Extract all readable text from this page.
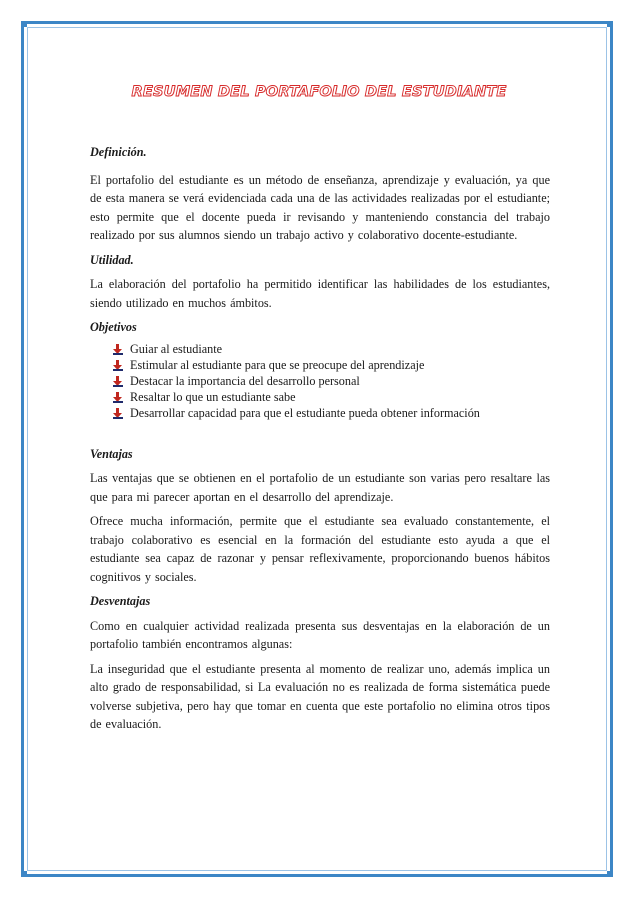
RESUMEN DEL PORTAFOLIO DEL ESTUDIANTE

Definición.

El portafolio del estudiante es un método de enseñanza, aprendizaje y evaluación, ya que de esta manera se verá evidenciada cada una de las actividades realizadas por el estudiante; esto permite que el docente pueda ir revisando y manteniendo constancia del trabajo realizado por sus alumnos siendo un trabajo activo y colaborativo docente-estudiante.

Utilidad.

La elaboración del portafolio ha permitido identificar las habilidades de los estudiantes, siendo utilizado en muchos ámbitos.

Objetivos

Guiar al estudiante
Estimular al estudiante para que se preocupe del aprendizaje
Destacar la importancia del desarrollo personal
Resaltar lo que un estudiante sabe
Desarrollar capacidad para que el estudiante pueda obtener información

Ventajas

Las ventajas que se obtienen en el portafolio de un estudiante son varias pero resaltare las que para mi parecer aportan en el desarrollo del aprendizaje.

Ofrece mucha información, permite que el estudiante sea evaluado constantemente, el trabajo colaborativo es esencial en la formación del estudiante esto ayuda a que el estudiante sea capaz de razonar y pensar reflexivamente, proporcionando buenos hábitos cognitivos y sociales.

Desventajas

Como en cualquier actividad realizada presenta sus desventajas en la elaboración de un portafolio también encontramos algunas:

La inseguridad que el estudiante presenta al momento de realizar uno, además implica un alto grado de responsabilidad, si La evaluación no es realizada de forma sistemática puede volverse subjetiva, pero hay que tomar en cuenta que este portafolio no elimina otros tipos de evaluación.
